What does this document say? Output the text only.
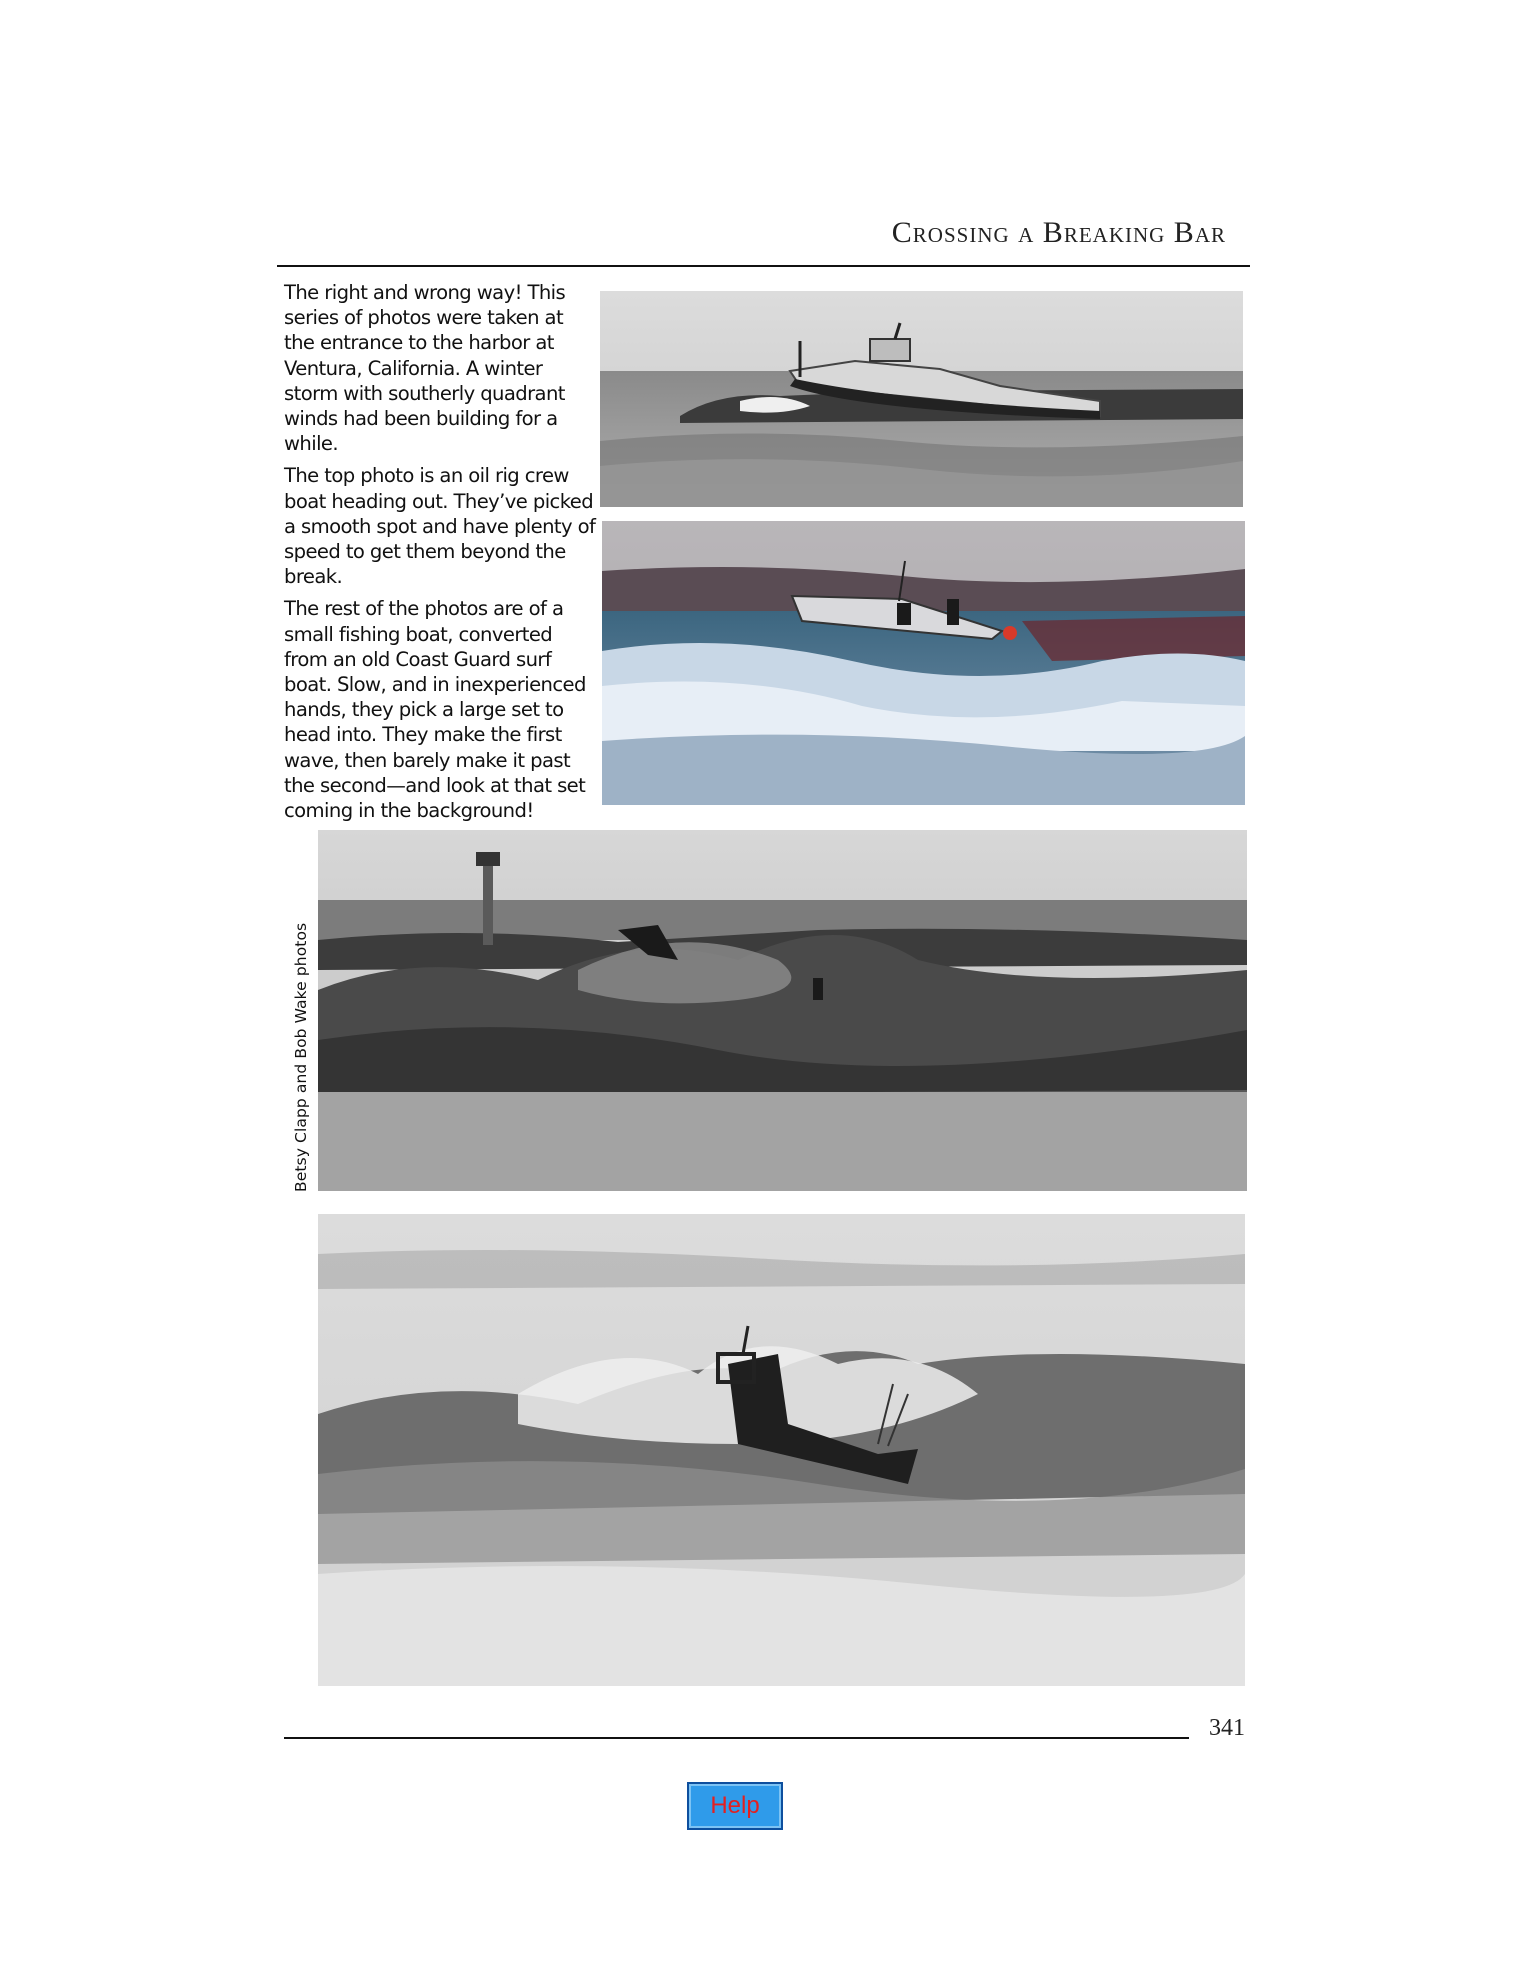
Crossing a Breaking Bar

The right and wrong way! This series of photos were taken at the entrance to the harbor at Ventura, California. A winter storm with southerly quadrant winds had been building for a while.

The top photo is an oil rig crew boat heading out. They’ve picked a smooth spot and have plenty of speed to get them beyond the break.

The rest of the photos are of a small fishing boat, converted from an old Coast Guard surf boat. Slow, and in inexperienced hands, they pick a large set to head into. They make the first wave, then barely make it past the second—and look at that set coming in the background!

Betsy Clapp and Bob Wake photos
341
Help
